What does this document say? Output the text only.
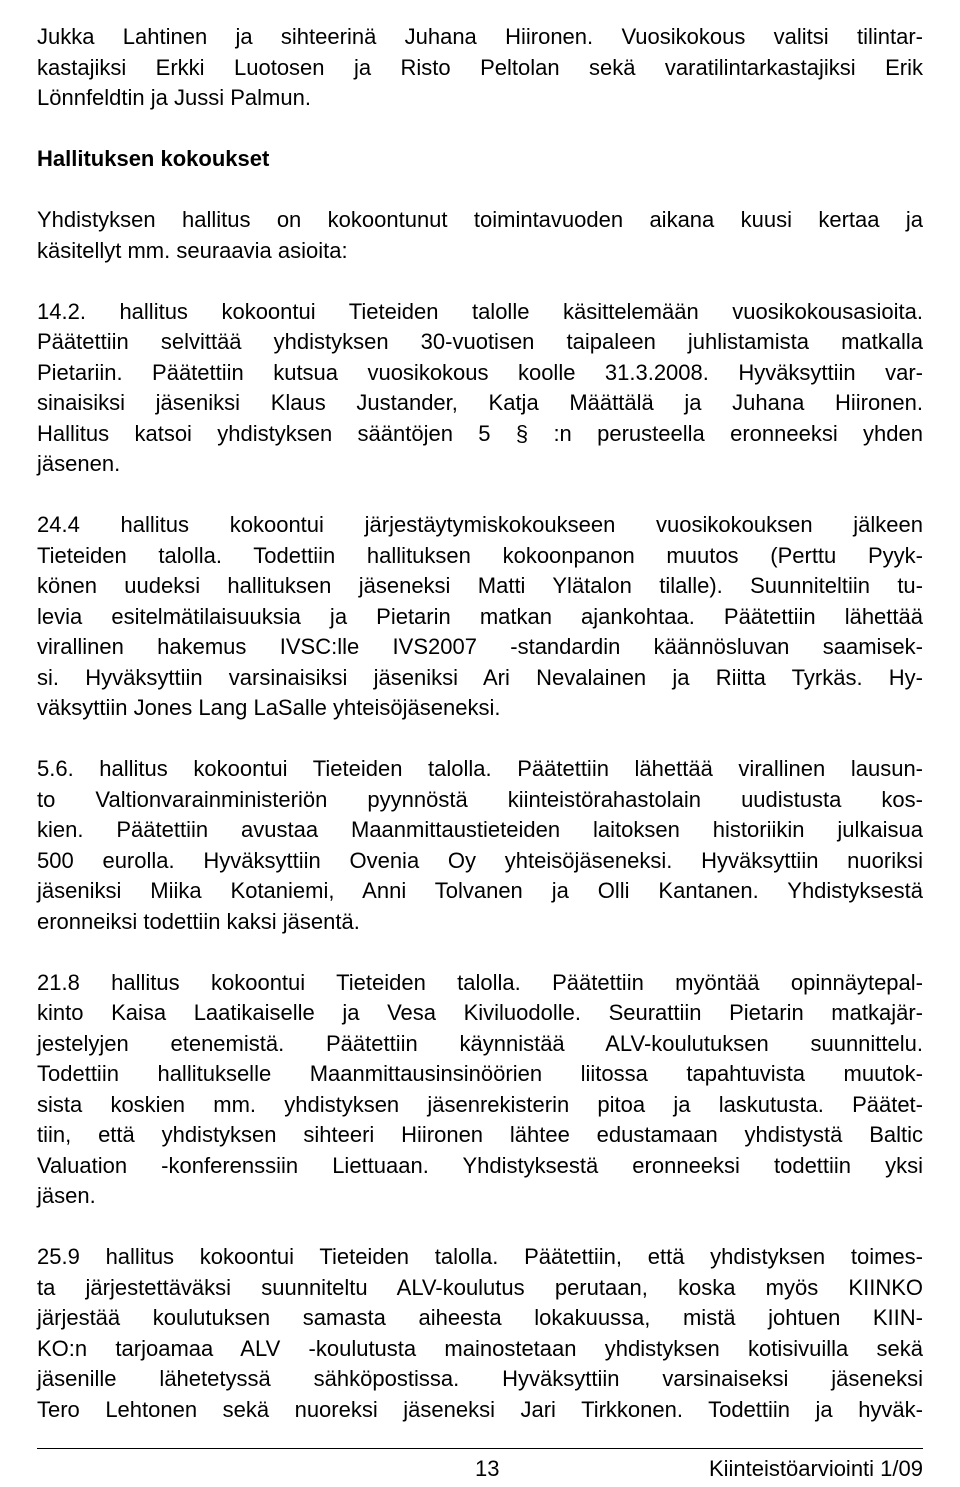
Jukka Lahtinen ja sihteerinä Juhana Hiironen. Vuosikokous valitsi tilintar-
kastajiksi Erkki Luotosen ja Risto Peltolan sekä varatilintarkastajiksi Erik
Lönnfeldtin ja Jussi Palmun.

Hallituksen kokoukset

Yhdistyksen hallitus on kokoontunut toimintavuoden aikana kuusi kertaa ja
käsitellyt mm. seuraavia asioita:

14.2. hallitus kokoontui Tieteiden talolle käsittelemään vuosikokousasioita.
Päätettiin selvittää yhdistyksen 30-vuotisen taipaleen juhlistamista matkalla
Pietariin. Päätettiin kutsua vuosikokous koolle 31.3.2008. Hyväksyttiin var-
sinaisiksi jäseniksi Klaus Justander, Katja Määttälä ja Juhana Hiironen.
Hallitus katsoi yhdistyksen sääntöjen 5 § :n perusteella eronneeksi yhden
jäsenen.

24.4 hallitus kokoontui järjestäytymiskokoukseen vuosikokouksen jälkeen
Tieteiden talolla. Todettiin hallituksen kokoonpanon muutos (Perttu Pyyk-
könen uudeksi hallituksen jäseneksi Matti Ylätalon tilalle). Suunniteltiin tu-
levia esitelmätilaisuuksia ja Pietarin matkan ajankohtaa. Päätettiin lähettää
virallinen hakemus IVSC:lle IVS2007 -standardin käännösluvan saamisek-
si. Hyväksyttiin varsinaisiksi jäseniksi Ari Nevalainen ja Riitta Tyrkäs. Hy-
väksyttiin Jones Lang LaSalle yhteisöjäseneksi.

5.6. hallitus kokoontui Tieteiden talolla. Päätettiin lähettää virallinen lausun-
to Valtionvarainministeriön pyynnöstä kiinteistörahastolain uudistusta kos-
kien. Päätettiin avustaa Maanmittaustieteiden laitoksen historiikin julkaisua
500 eurolla. Hyväksyttiin Ovenia Oy yhteisöjäseneksi. Hyväksyttiin nuoriksi
jäseniksi Miika Kotaniemi, Anni Tolvanen ja Olli Kantanen. Yhdistyksestä
eronneiksi todettiin kaksi jäsentä.

21.8 hallitus kokoontui Tieteiden talolla. Päätettiin myöntää opinnäytepal-
kinto Kaisa Laatikaiselle ja Vesa Kiviluodolle. Seurattiin Pietarin matkajär-
jestelyjen etenemistä. Päätettiin käynnistää ALV-koulutuksen suunnittelu.
Todettiin hallitukselle Maanmittausinsinöörien liitossa tapahtuvista muutok-
sista koskien mm. yhdistyksen jäsenrekisterin pitoa ja laskutusta. Päätet-
tiin, että yhdistyksen sihteeri Hiironen lähtee edustamaan yhdistystä Baltic
Valuation -konferenssiin Liettuaan. Yhdistyksestä eronneeksi todettiin yksi
jäsen.

25.9 hallitus kokoontui Tieteiden talolla. Päätettiin, että yhdistyksen toimes-
ta järjestettäväksi suunniteltu ALV-koulutus perutaan, koska myös KIINKO
järjestää koulutuksen samasta aiheesta lokakuussa, mistä johtuen KIIN-
KO:n tarjoamaa ALV -koulutusta mainostetaan yhdistyksen kotisivuilla sekä
jäsenille lähetetyssä sähköpostissa. Hyväksyttiin varsinaiseksi jäseneksi
Tero Lehtonen sekä nuoreksi jäseneksi Jari Tirkkonen. Todettiin ja hyväk-

13	Kiinteistöarviointi 1/09
